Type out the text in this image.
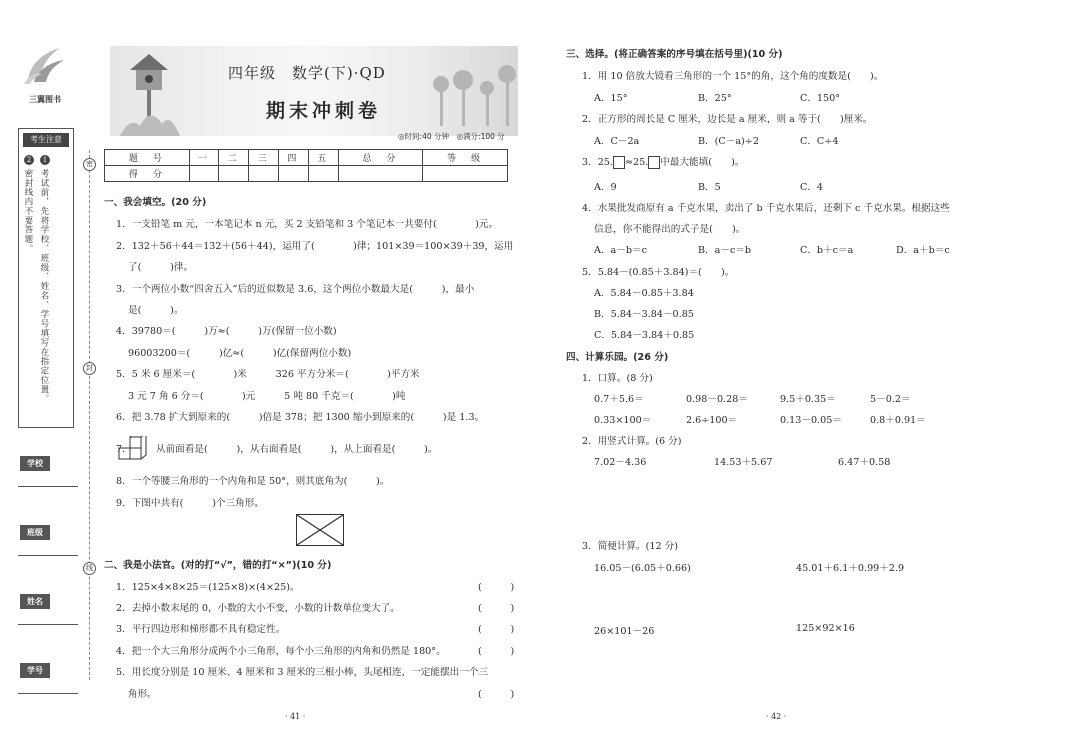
三翼图书
考生注意
2	1
密封线内不要答题。 考试前，先将学校、班级、姓名、学号填写在指定位置。
学校
班级
姓名
学号
密
封
线
四年级　数学(下)·QD
期末冲刺卷
◎时间:40 分钟　◎满分:100 分
题　号	一	二	三	四	五	总　分	等　级
得　分							
一、我会填空。(20 分)
1．一支铅笔 m 元，一本笔记本 n 元，买 2 支铅笔和 3 个笔记本一共要付(　　　　)元。
2．132＋56＋44＝132＋(56＋44)，运用了(　　　　)律；101×39＝100×39＋39，运用
了(　　　)律。
3．一个两位小数“四舍五入”后的近似数是 3.6，这个两位小数最大是(　　　)，最小
是(　　　)。
4．39780＝(　　　)万≈(　　　)万(保留一位小数)
96003200＝(　　　)亿≈(　　　)亿(保留两位小数)
5．5 米 6 厘米＝(　　　　)米　　　326 平方分米＝(　　　　)平方米
3 元 7 角 6 分＝(　　　　)元　　　5 吨 80 千克＝(　　　　)吨
6．把 3.78 扩大到原来的(　　　)倍是 378；把 1300 缩小到原来的(　　　)是 1.3。
7．	从前面看是(　　　)，从右面看是(　　　)，从上面看是(　　　)。
8．一个等腰三角形的一个内角和是 50°，则其底角为(　　　)。
9．下图中共有(　　　)个三角形。
二、我是小法官。(对的打“√”，错的打“×”)(10 分)
1．125×4×8×25＝(125×8)×(4×25)。	(　　　)
2．去掉小数末尾的 0，小数的大小不变，小数的计数单位变大了。	(　　　)
3．平行四边形和梯形都不具有稳定性。	(　　　)
4．把一个大三角形分成两个小三角形，每个小三角形的内角和仍然是 180°。	(　　　)
5．用长度分别是 10 厘米、4 厘米和 3 厘米的三根小棒，头尾相连，一定能摆出一个三
角形。	(　　　)
· 41 ·
三、选择。(将正确答案的序号填在括号里)(10 分)
1．用 10 倍放大镜看三角形的一个 15°的角，这个角的度数是(　　)。
A．15°	B．25°	C．150°
2．正方形的周长是 C 厘米，边长是 a 厘米，则 a 等于(　　)厘米。
A．C－2a	B．(C－a)÷2	C．C÷4
3．25. ≈25. 中最大能填(　　)。
A．9	B．5	C．4
4．水果批发商原有 a 千克水果，卖出了 b 千克水果后，还剩下 c 千克水果。根据这些
信息，你不能得出的式子是(　　)。
A．a－b＝c	B．a－c＝b	C．b＋c＝a	D．a＋b＝c
5．5.84－(0.85＋3.84)＝(　　)。
A．5.84－0.85＋3.84
B．5.84－3.84－0.85
C．5.84－3.84＋0.85
四、计算乐园。(26 分)
1．口算。(8 分)
0.7＋5.6＝	0.98－0.28＝	9.5＋0.35＝	5－0.2＝
0.33×100＝	2.6÷100＝	0.13－0.05＝	0.8＋0.91＝
2．用竖式计算。(6 分)
7.02－4.36	14.53＋5.67	6.47＋0.58
3．简便计算。(12 分)
16.05－(6.05＋0.66)	45.01＋6.1＋0.99＋2.9
26×101－26	125×92×16
· 42 ·
